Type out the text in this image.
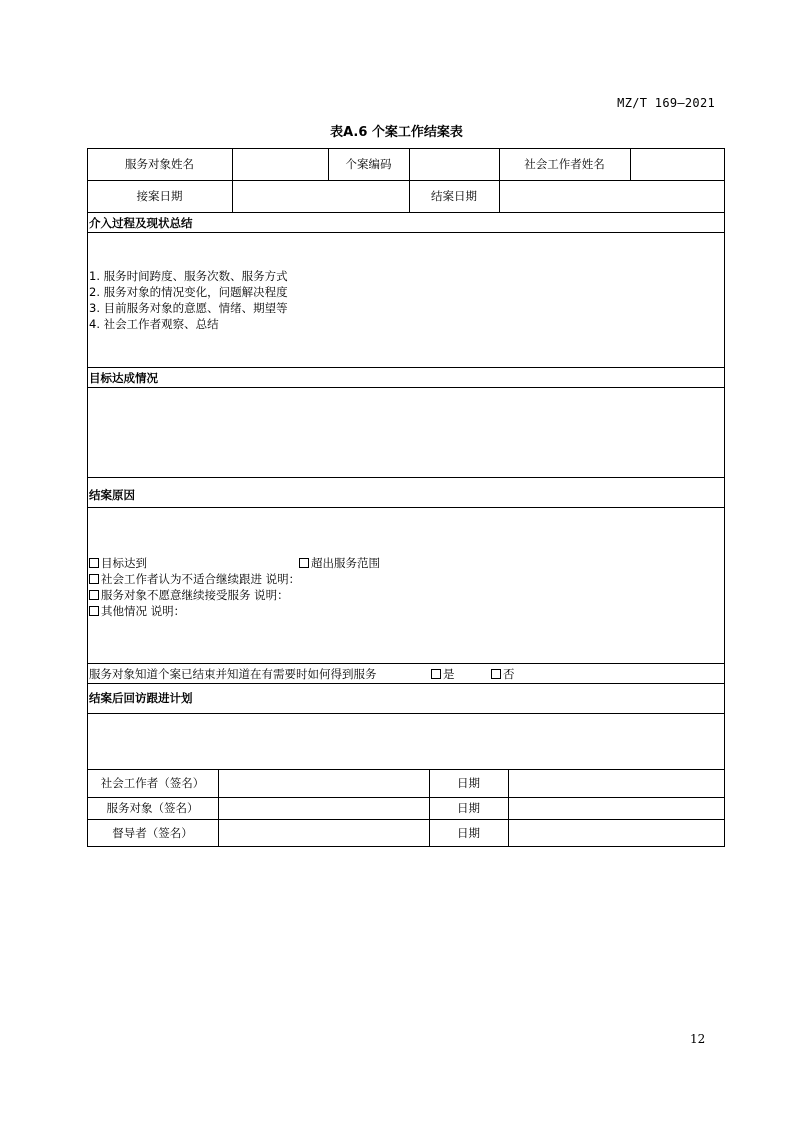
MZ/T 169—2021
表A.6 个案工作结案表
服务对象姓名	个案编码	社会工作者姓名
接案日期	结案日期
介入过程及现状总结
1. 服务时间跨度、服务次数、服务方式
2. 服务对象的情况变化，问题解决程度
3. 目前服务对象的意愿、情绪、期望等
4. 社会工作者观察、总结
目标达成情况
结案原因
目标达到	超出服务范围
社会工作者认为不适合继续跟进 说明：
服务对象不愿意继续接受服务 说明：
其他情况 说明：
服务对象知道个案已结束并知道在有需要时如何得到服务	是	否
结案后回访跟进计划
社会工作者（签名）	日期
服务对象（签名）	日期
督导者（签名）	日期
12
